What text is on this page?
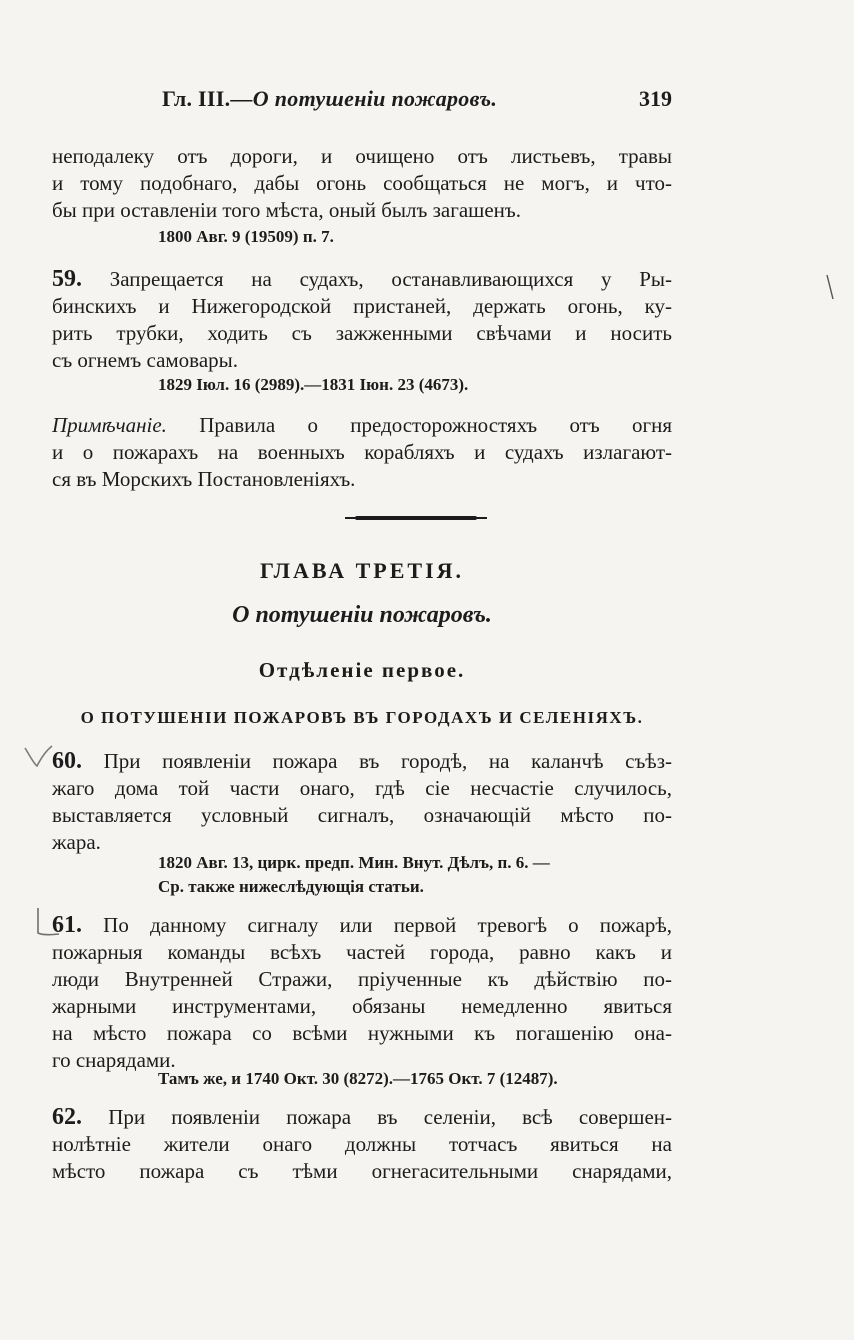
Гл. III.—О потушеніи пожаровъ.	319
неподалеку отъ дороги, и очищено отъ листьевъ, травы
и тому подобнаго, дабы огонь сообщаться не могъ, и что-
бы при оставленіи того мѣста, оный былъ загашенъ.
1800 Авг. 9 (19509) п. 7.
59. Запрещается на судахъ, останавливающихся у Ры-
бинскихъ и Нижегородской пристаней, держать огонь, ку-
рить трубки, ходить съ зажженными свѣчами и носить
съ огнемъ самовары.
1829 Іюл. 16 (2989).—1831 Іюн. 23 (4673).
Примѣчаніе. Правила о предосторожностяхъ отъ огня
и о пожарахъ на военныхъ корабляхъ и судахъ излагают-
ся въ Морскихъ Постановленіяхъ.
ГЛАВА ТРЕТІЯ.
О потушеніи пожаровъ.
Отдѣленіе первое.
О ПОТУШЕНІИ ПОЖАРОВЪ ВЪ ГОРОДАХЪ И СЕЛЕНІЯХЪ.
60. При появленіи пожара въ городѣ, на каланчѣ съѣз-
жаго дома той части онаго, гдѣ сіе несчастіе случилось,
выставляется условный сигналъ, означающій мѣсто по-
жара.
1820 Авг. 13, цирк. предп. Мин. Внут. Дѣлъ, п. 6. —
Ср. также нижеслѣдующія статьи.
61. По данному сигналу или первой тревогѣ о пожарѣ,
пожарныя команды всѣхъ частей города, равно какъ и
люди Внутренней Стражи, пріученные къ дѣйствію по-
жарными инструментами, обязаны немедленно явиться
на мѣсто пожара со всѣми нужными къ погашенію она-
го снарядами.
Тамъ же, и 1740 Окт. 30 (8272).—1765 Окт. 7 (12487).
62. При появленіи пожара въ селеніи, всѣ совершен-
нолѣтніе жители онаго должны тотчасъ явиться на
мѣсто пожара съ тѣми огнегасительными снарядами,
